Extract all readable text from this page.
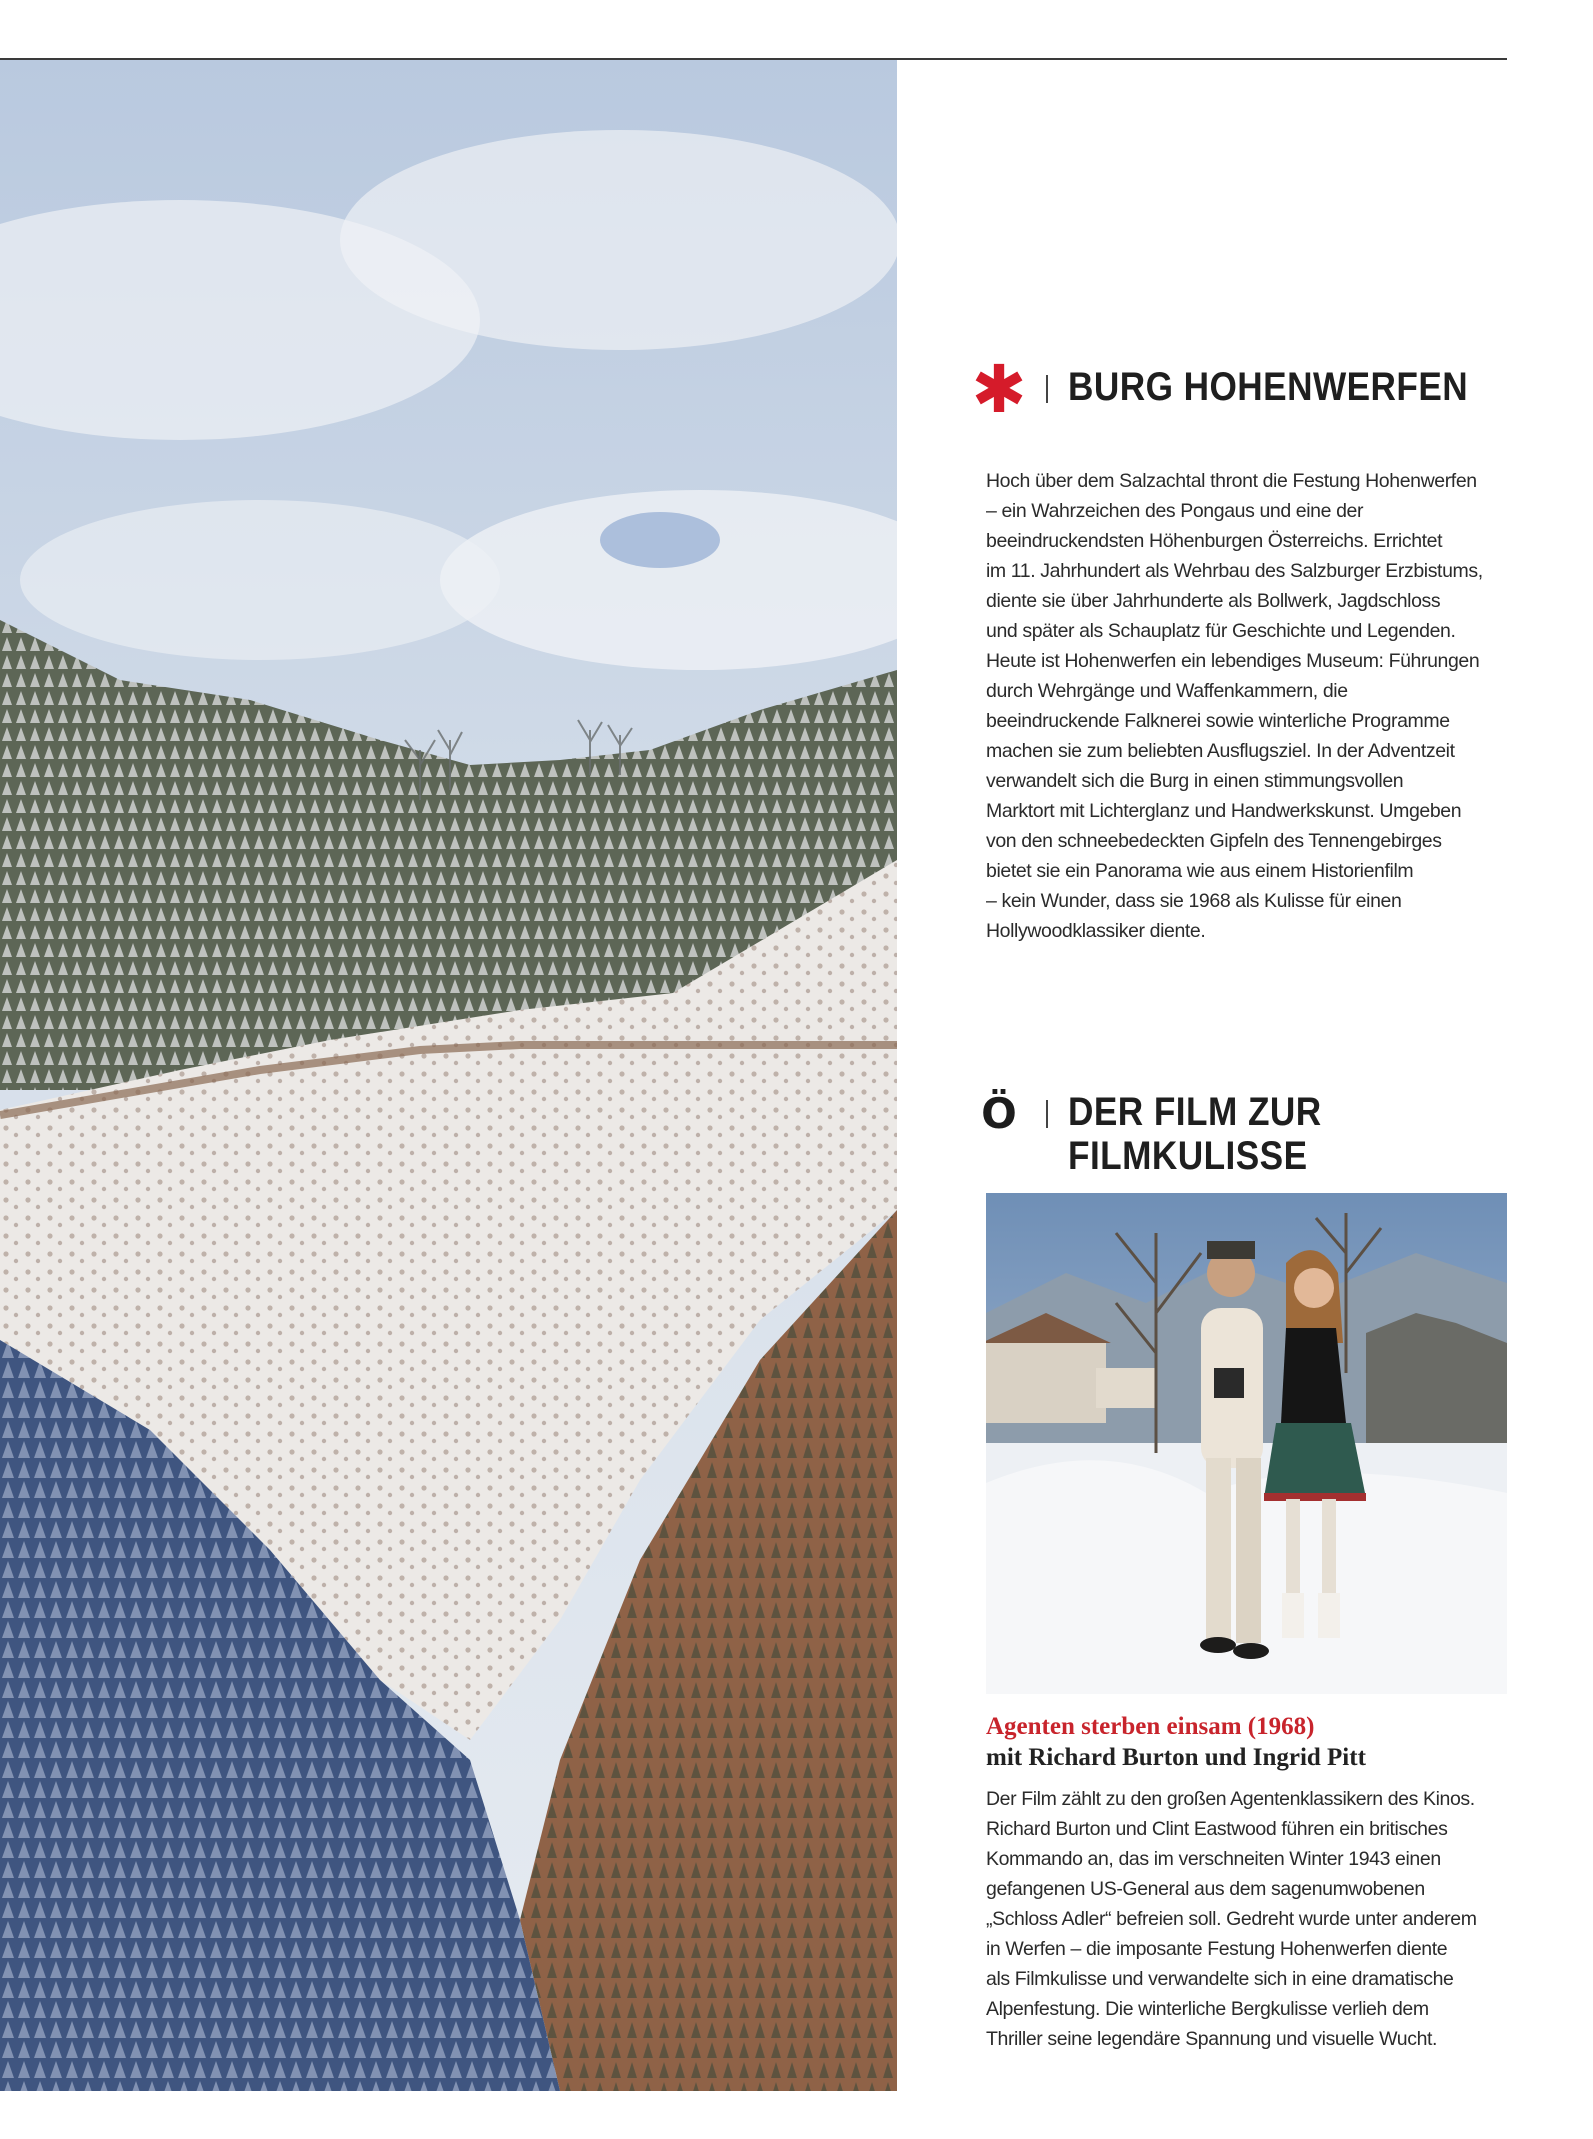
✱ BURG HOHENWERFEN
Hoch über dem Salzachtal thront die Festung Hohenwerfen
– ein Wahrzeichen des Pongaus und eine der
beeindruckendsten Höhenburgen Österreichs. Errichtet
im 11. Jahrhundert als Wehrbau des Salzburger Erzbistums,
diente sie über Jahrhunderte als Bollwerk, Jagdschloss
und später als Schauplatz für Geschichte und Legenden.
Heute ist Hohenwerfen ein lebendiges Museum: Führungen
durch Wehrgänge und Waffenkammern, die
beeindruckende Falknerei sowie winterliche Programme
machen sie zum beliebten Ausflugsziel. In der Adventzeit
verwandelt sich die Burg in einen stimmungsvollen
Marktort mit Lichterglanz und Handwerkskunst. Umgeben
von den schneebedeckten Gipfeln des Tennengebirges
bietet sie ein Panorama wie aus einem Historienfilm
– kein Wunder, dass sie 1968 als Kulisse für einen
Hollywoodklassiker diente.
Ö DER FILM ZUR
FILMKULISSE
Agenten sterben einsam (1968)
mit Richard Burton und Ingrid Pitt
Der Film zählt zu den großen Agentenklassikern des Kinos.
Richard Burton und Clint Eastwood führen ein britisches
Kommando an, das im verschneiten Winter 1943 einen
gefangenen US-General aus dem sagenumwobenen
„Schloss Adler“ befreien soll. Gedreht wurde unter anderem
in Werfen – die imposante Festung Hohenwerfen diente
als Filmkulisse und verwandelte sich in eine dramatische
Alpenfestung. Die winterliche Bergkulisse verlieh dem
Thriller seine legendäre Spannung und visuelle Wucht.
